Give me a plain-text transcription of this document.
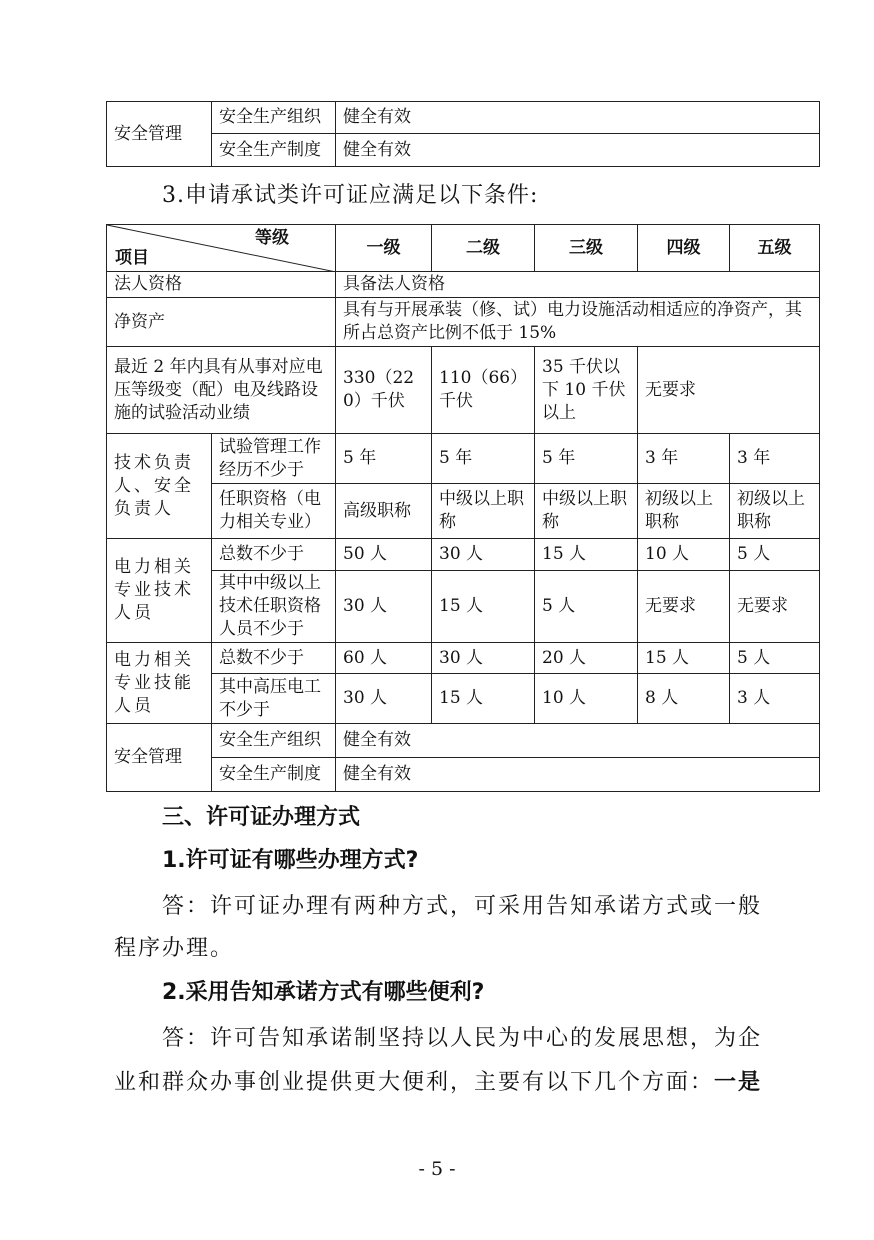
安全管理	安全生产组织	健全有效
	安全生产制度	健全有效

3.申请承试类许可证应满足以下条件:

等级
项目		一级	二级	三级	四级	五级
法人资格		具备法人资格				
净资产		具有与开展承装（修、试）电力设施活动相适应的净资产，其所占总资产比例不低于 15%				
最近 2 年内具有从事对应电压等级变（配）电及线路设施的试验活动业绩		330（220）千伏	110（66）千伏	35 千伏以下 10 千伏以上	无要求	
技术负责人、安全负责人	试验管理工作经历不少于	5 年	5 年	5 年	3 年	3 年
	任职资格（电力相关专业）	高级职称	中级以上职称	中级以上职称	初级以上职称	初级以上职称
电力相关专业技术人员	总数不少于	50 人	30 人	15 人	10 人	5 人
	其中中级以上技术任职资格人员不少于	30 人	15 人	5 人	无要求	无要求
电力相关专业技能人员	总数不少于	60 人	30 人	20 人	15 人	5 人
	其中高压电工不少于	30 人	15 人	10 人	8 人	3 人
安全管理	安全生产组织	健全有效				
	安全生产制度	健全有效				

三、许可证办理方式

1.许可证有哪些办理方式?

答：许可证办理有两种方式，可采用告知承诺方式或一般

程序办理。

2.采用告知承诺方式有哪些便利?

答：许可告知承诺制坚持以人民为中心的发展思想，为企

业和群众办事创业提供更大便利，主要有以下几个方面：一是

- 5 -
